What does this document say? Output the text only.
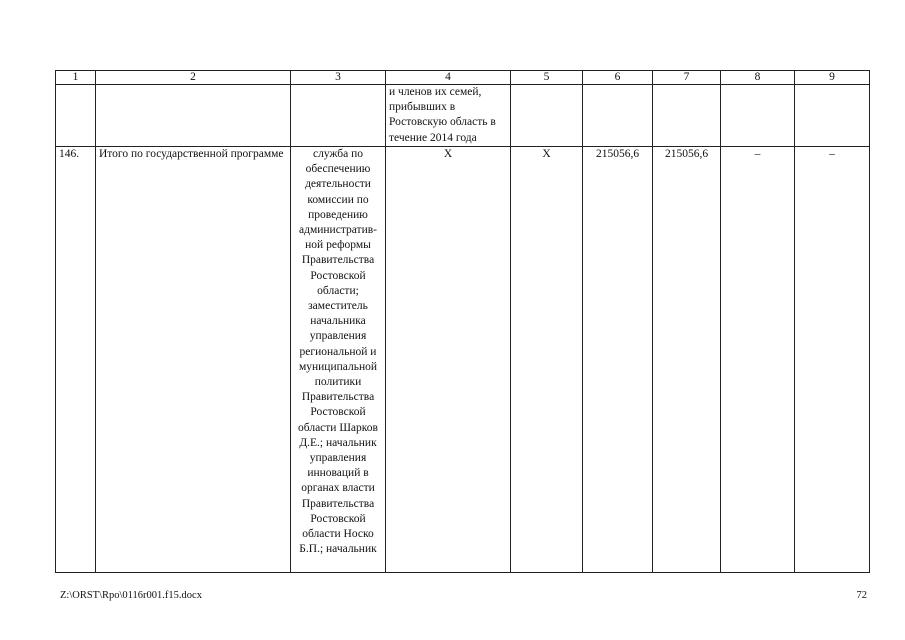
1	2	3	4	5	6	7	8	9
			и членов их семей, прибывших в Ростовскую область в течение 2014 года					
146.	Итого по государственной программе	служба по обеспечению деятельности комиссии по проведению административ-ной реформы Правительства Ростовской области; заместитель начальника управления региональной и муниципальной политики Правительства Ростовской области Шарков Д.Е.; начальник управления инноваций в органах власти Правительства Ростовской области Носко Б.П.; начальник	X	X	215056,6	215056,6	–	–
Z:\ORST\Rpo\0116r001.f15.docx	72
